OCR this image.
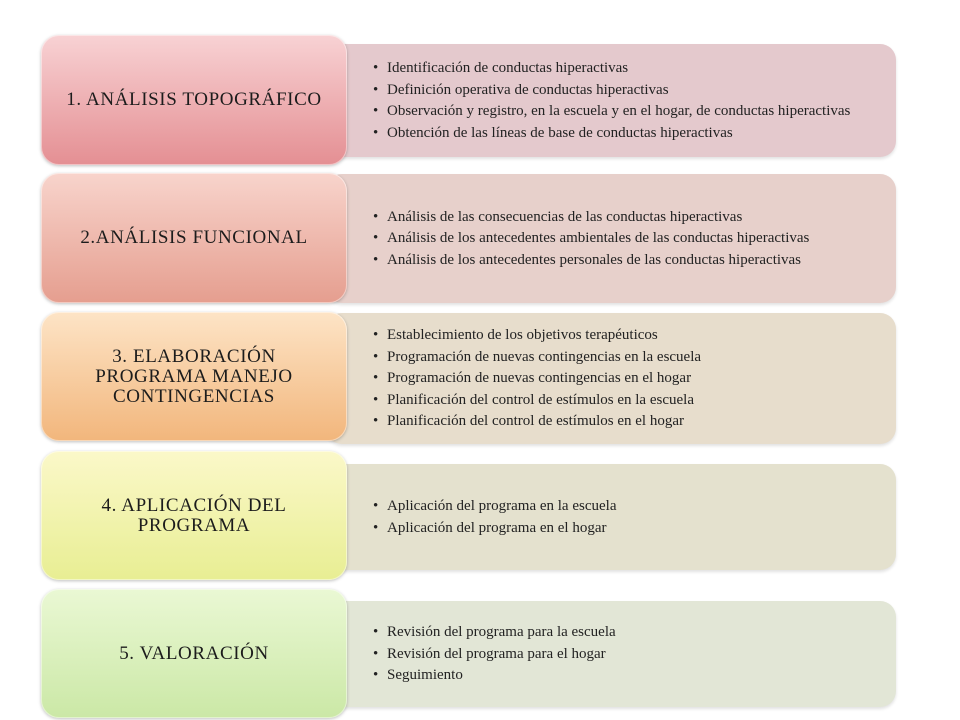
• Identificación de conductas hiperactivas
• Definición operativa de conductas hiperactivas
• Observación y registro, en la escuela y en el hogar, de conductas hiperactivas
• Obtención de las líneas de base de conductas hiperactivas
1. ANÁLISIS TOPOGRÁFICO
• Análisis de las consecuencias de las conductas hiperactivas
• Análisis de los antecedentes ambientales de las conductas hiperactivas
• Análisis de los antecedentes personales de las conductas hiperactivas
2.ANÁLISIS FUNCIONAL
• Establecimiento de los objetivos terapéuticos
• Programación de nuevas contingencias en la escuela
• Programación de nuevas contingencias en el hogar
• Planificación del control de estímulos en la escuela
• Planificación del control de estímulos en el hogar
3. ELABORACIÓN
PROGRAMA MANEJO
CONTINGENCIAS
• Aplicación del programa en la escuela
• Aplicación del programa en el hogar
4. APLICACIÓN DEL
PROGRAMA
• Revisión del programa para la escuela
• Revisión del programa para el hogar
• Seguimiento
5. VALORACIÓN
